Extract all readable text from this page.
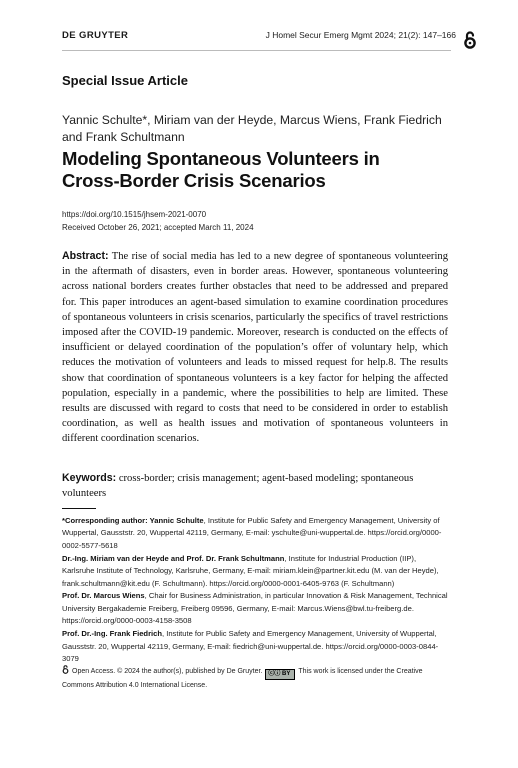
DE GRUYTER	J Homel Secur Emerg Mgmt 2024; 21(2): 147–166
Special Issue Article
Yannic Schulte*, Miriam van der Heyde, Marcus Wiens, Frank Fiedrich and Frank Schultmann
Modeling Spontaneous Volunteers in
Cross-Border Crisis Scenarios
https://doi.org/10.1515/jhsem-2021-0070
Received October 26, 2021; accepted March 11, 2024

Abstract: The rise of social media has led to a new degree of spontaneous volunteering in the aftermath of disasters, even in border areas. However, spontaneous volunteering across national borders creates further obstacles that need to be addressed and prepared for. This paper introduces an agent-based simulation to examine coordination procedures of spontaneous volunteers in crisis scenarios, particularly the specifics of travel restrictions imposed after the COVID-19 pandemic. Moreover, research is conducted on the effects of insufficient or delayed coordination of the population’s offer of voluntary help, which reduces the motivation of volunteers and leads to missed request for help.8. The results show that coordination of spontaneous volunteers is a key factor for helping the affected population, especially in a pandemic, where the possibilities to help are limited. These results are discussed with regard to costs that need to be considered in order to establish coordination, as well as health issues and motivation of spontaneous volunteers in different coordination scenarios.

Keywords: cross-border; crisis management; agent-based modeling; spontaneous volunteers

*Corresponding author: Yannic Schulte, Institute for Public Safety and Emergency Management, University of Wuppertal, Gausststr. 20, Wuppertal 42119, Germany, E-mail: yschulte@uni-wuppertal.de. https://orcid.org/0000-0002-5577-5618

Dr.-Ing. Miriam van der Heyde and Prof. Dr. Frank Schultmann, Institute for Industrial Production (IIP), Karlsruhe Institute of Technology, Karlsruhe, Germany, E-mail: miriam.klein@partner.kit.edu (M. van der Heyde), frank.schultmann@kit.edu (F. Schultmann). https://orcid.org/0000-0001-6405-9763 (F. Schultmann)

Prof. Dr. Marcus Wiens, Chair for Business Administration, in particular Innovation & Risk Management, Technical University Bergakademie Freiberg, Freiberg 09596, Germany, E-mail: Marcus.Wiens@bwl.tu-freiberg.de. https://orcid.org/0000-0003-4158-3508

Prof. Dr.-Ing. Frank Fiedrich, Institute for Public Safety and Emergency Management, University of Wuppertal, Gausststr. 20, Wuppertal 42119, Germany, E-mail: fiedrich@uni-wuppertal.de. https://orcid.org/0000-0003-0844-3079

Open Access. © 2024 the author(s), published by De Gruyter. ⓒⓘ BY This work is licensed under the Creative Commons Attribution 4.0 International License.
